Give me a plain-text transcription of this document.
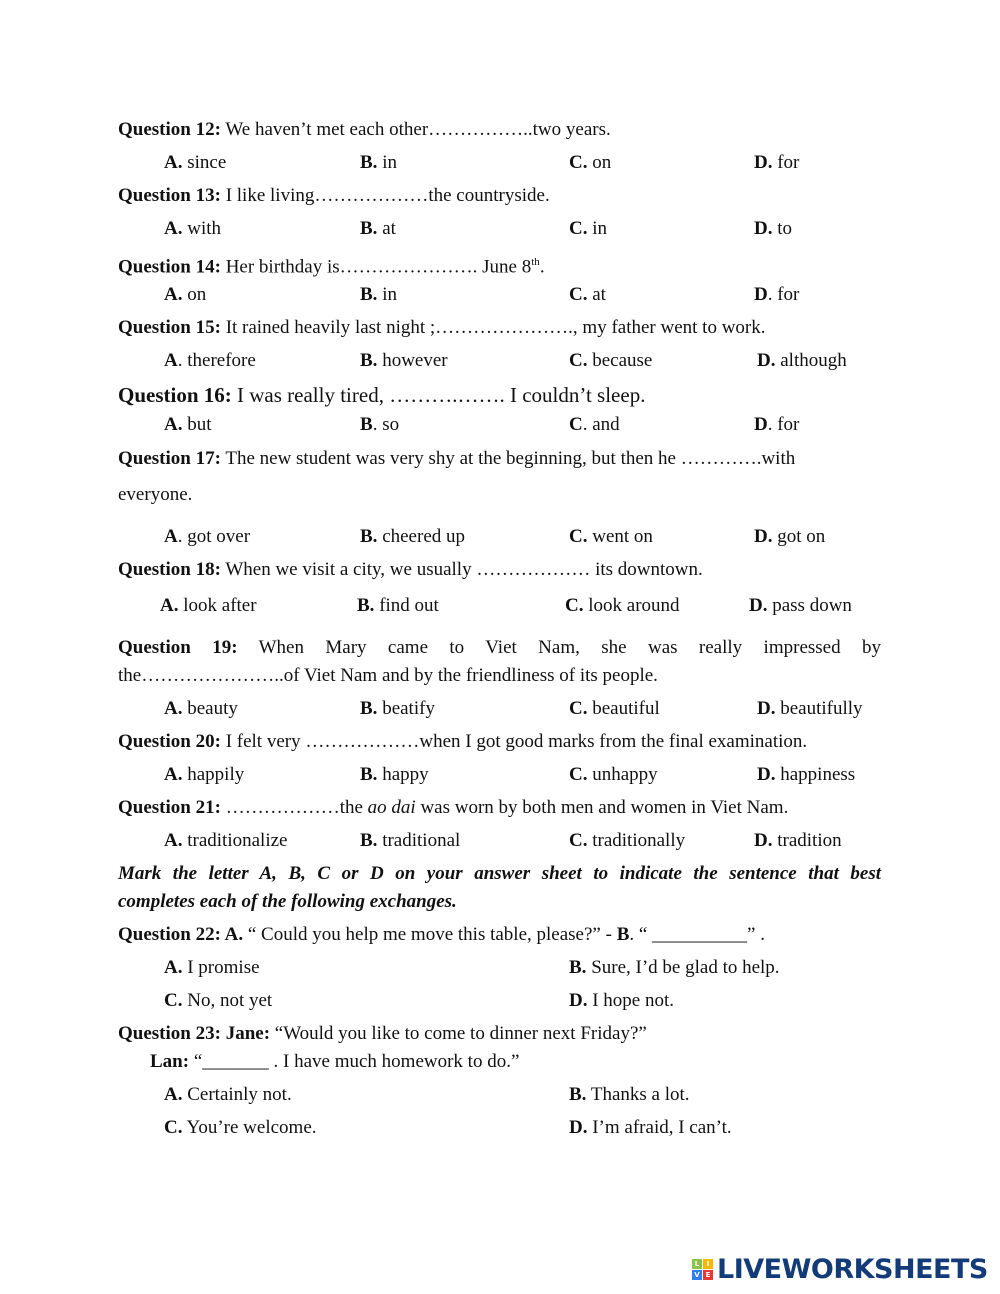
Question 12: We haven’t met each other……………..two years.
A. since	B. in	C. on	D. for
Question 13: I like living………………the countryside.
A. with	B. at	C. in	D. to
Question 14: Her birthday is…………………. June 8th.
A. on	B. in	C. at	D. for
Question 15: It rained heavily last night ;…………………., my father went to work.
A. therefore	B. however	C. because	D. although
Question 16: I was really tired, ……….……. I couldn’t sleep.
A. but	B. so	C. and	D. for
Question 17: The new student was very shy at the beginning, but then he ………….with
everyone.
A. got over	B. cheered up	C. went on	D. got on
Question 18: When we visit a city, we usually ……………… its downtown.
A. look after	B. find out	C. look around	D. pass down
Question 19: When Mary came to Viet Nam, she was really impressed by
the…………………..of Viet Nam and by the friendliness of its people.
A. beauty	B. beatify	C. beautiful	D. beautifully
Question 20: I felt very ………………when I got good marks from the final examination.
A. happily	B. happy	C. unhappy	D. happiness
Question 21: ………………the ao dai was worn by both men and women in Viet Nam.
A. traditionalize	B. traditional	C. traditionally	D. tradition
Mark the letter A, B, C or D on your answer sheet to indicate the sentence that best
completes each of the following exchanges.
Question 22: A. “ Could you help me move this table, please?” - B. “ __________” .
A. I promise	B. Sure, I’d be glad to help.
C. No, not yet	D. I hope not.
Question 23: Jane: “Would you like to come to dinner next Friday?”
Lan: “_______ . I have much homework to do.”
A. Certainly not.	B. Thanks a lot.
C. You’re welcome.	D. I’m afraid, I can’t.
L	I
V E LIVEWORKSHEETS
